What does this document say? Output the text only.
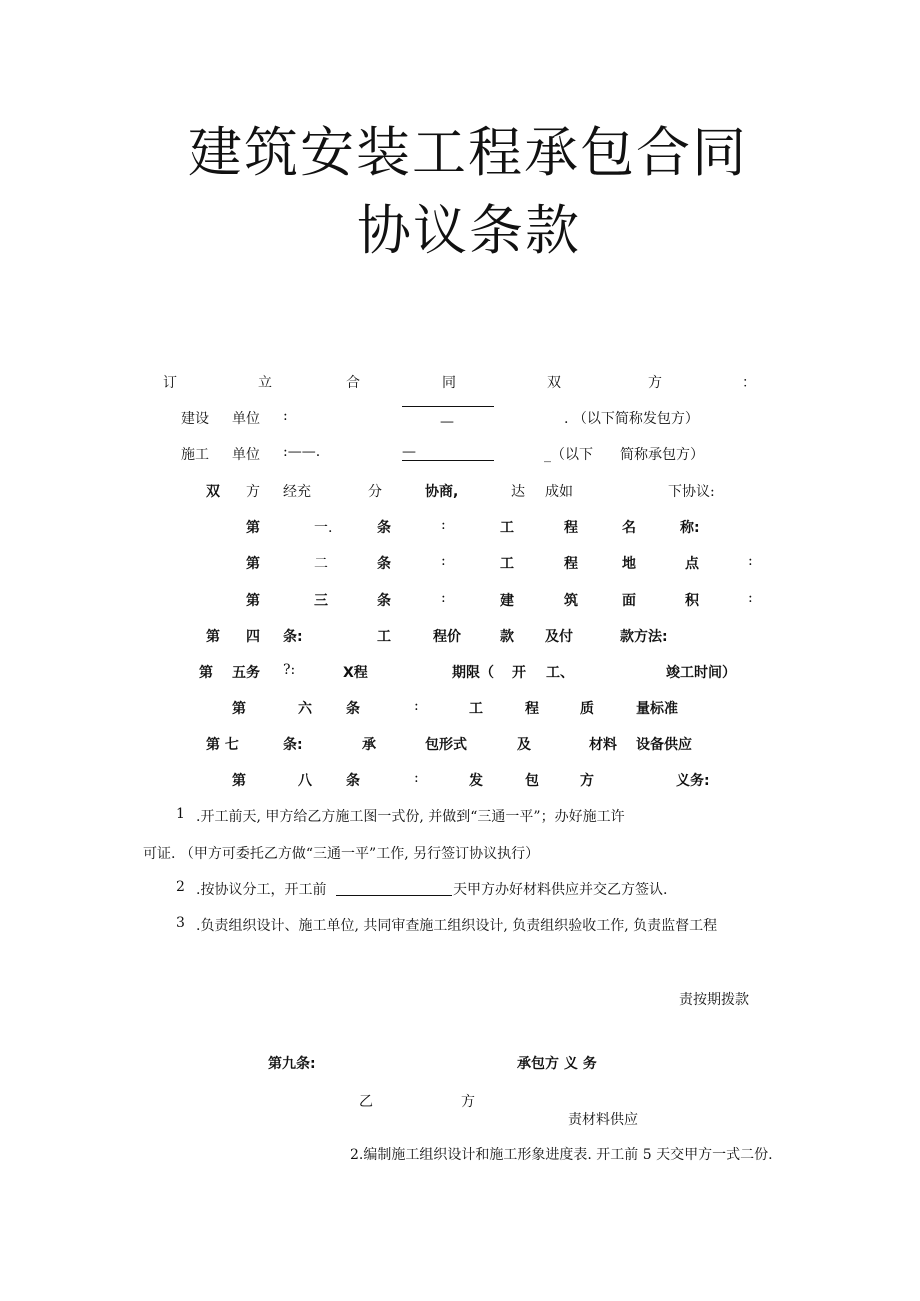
建筑安装工程承包合同
协议条款
订	立	合	同	双	方	：
建设 单位 :	—	. （以下简称发包方）
施工 单位 :——.	—	_（以下 简称承包方）
双 方 经充	分	协商,	达 成如	下协议:
第	一.	条	:	工	程	名	称:
第	二	条	:	工	程	地	点	:
第	三	条	:	建	筑	面	积	:
第 四 条:	工	程价	款 及付	款方法:
第 五务 ?:	X程	期限（ 开 工、	竣工时间）
第	六 条	:	工	程	质	量标准
第 七	条:	承	包形式	及	材料 设备供应
第	八 条	:	发	包	方	义务:
1 .开工前天, 甲方给乙方施工图一式份, 并做到“三通一平”；办好施工许
可证. （甲方可委托乙方做“三通一平”工作, 另行签订协议执行）
2 .按协议分工，开工前	天甲方办好材料供应并交乙方签认.
3 .负责组织设计、施工单位, 共同审查施工组织设计, 负责组织验收工作, 负责监督工程
责按期拨款
第九条:	承包方 义 务
乙	方
责材料供应
2.编制施工组织设计和施工形象进度表. 开工前 5 天交甲方一式二份.
